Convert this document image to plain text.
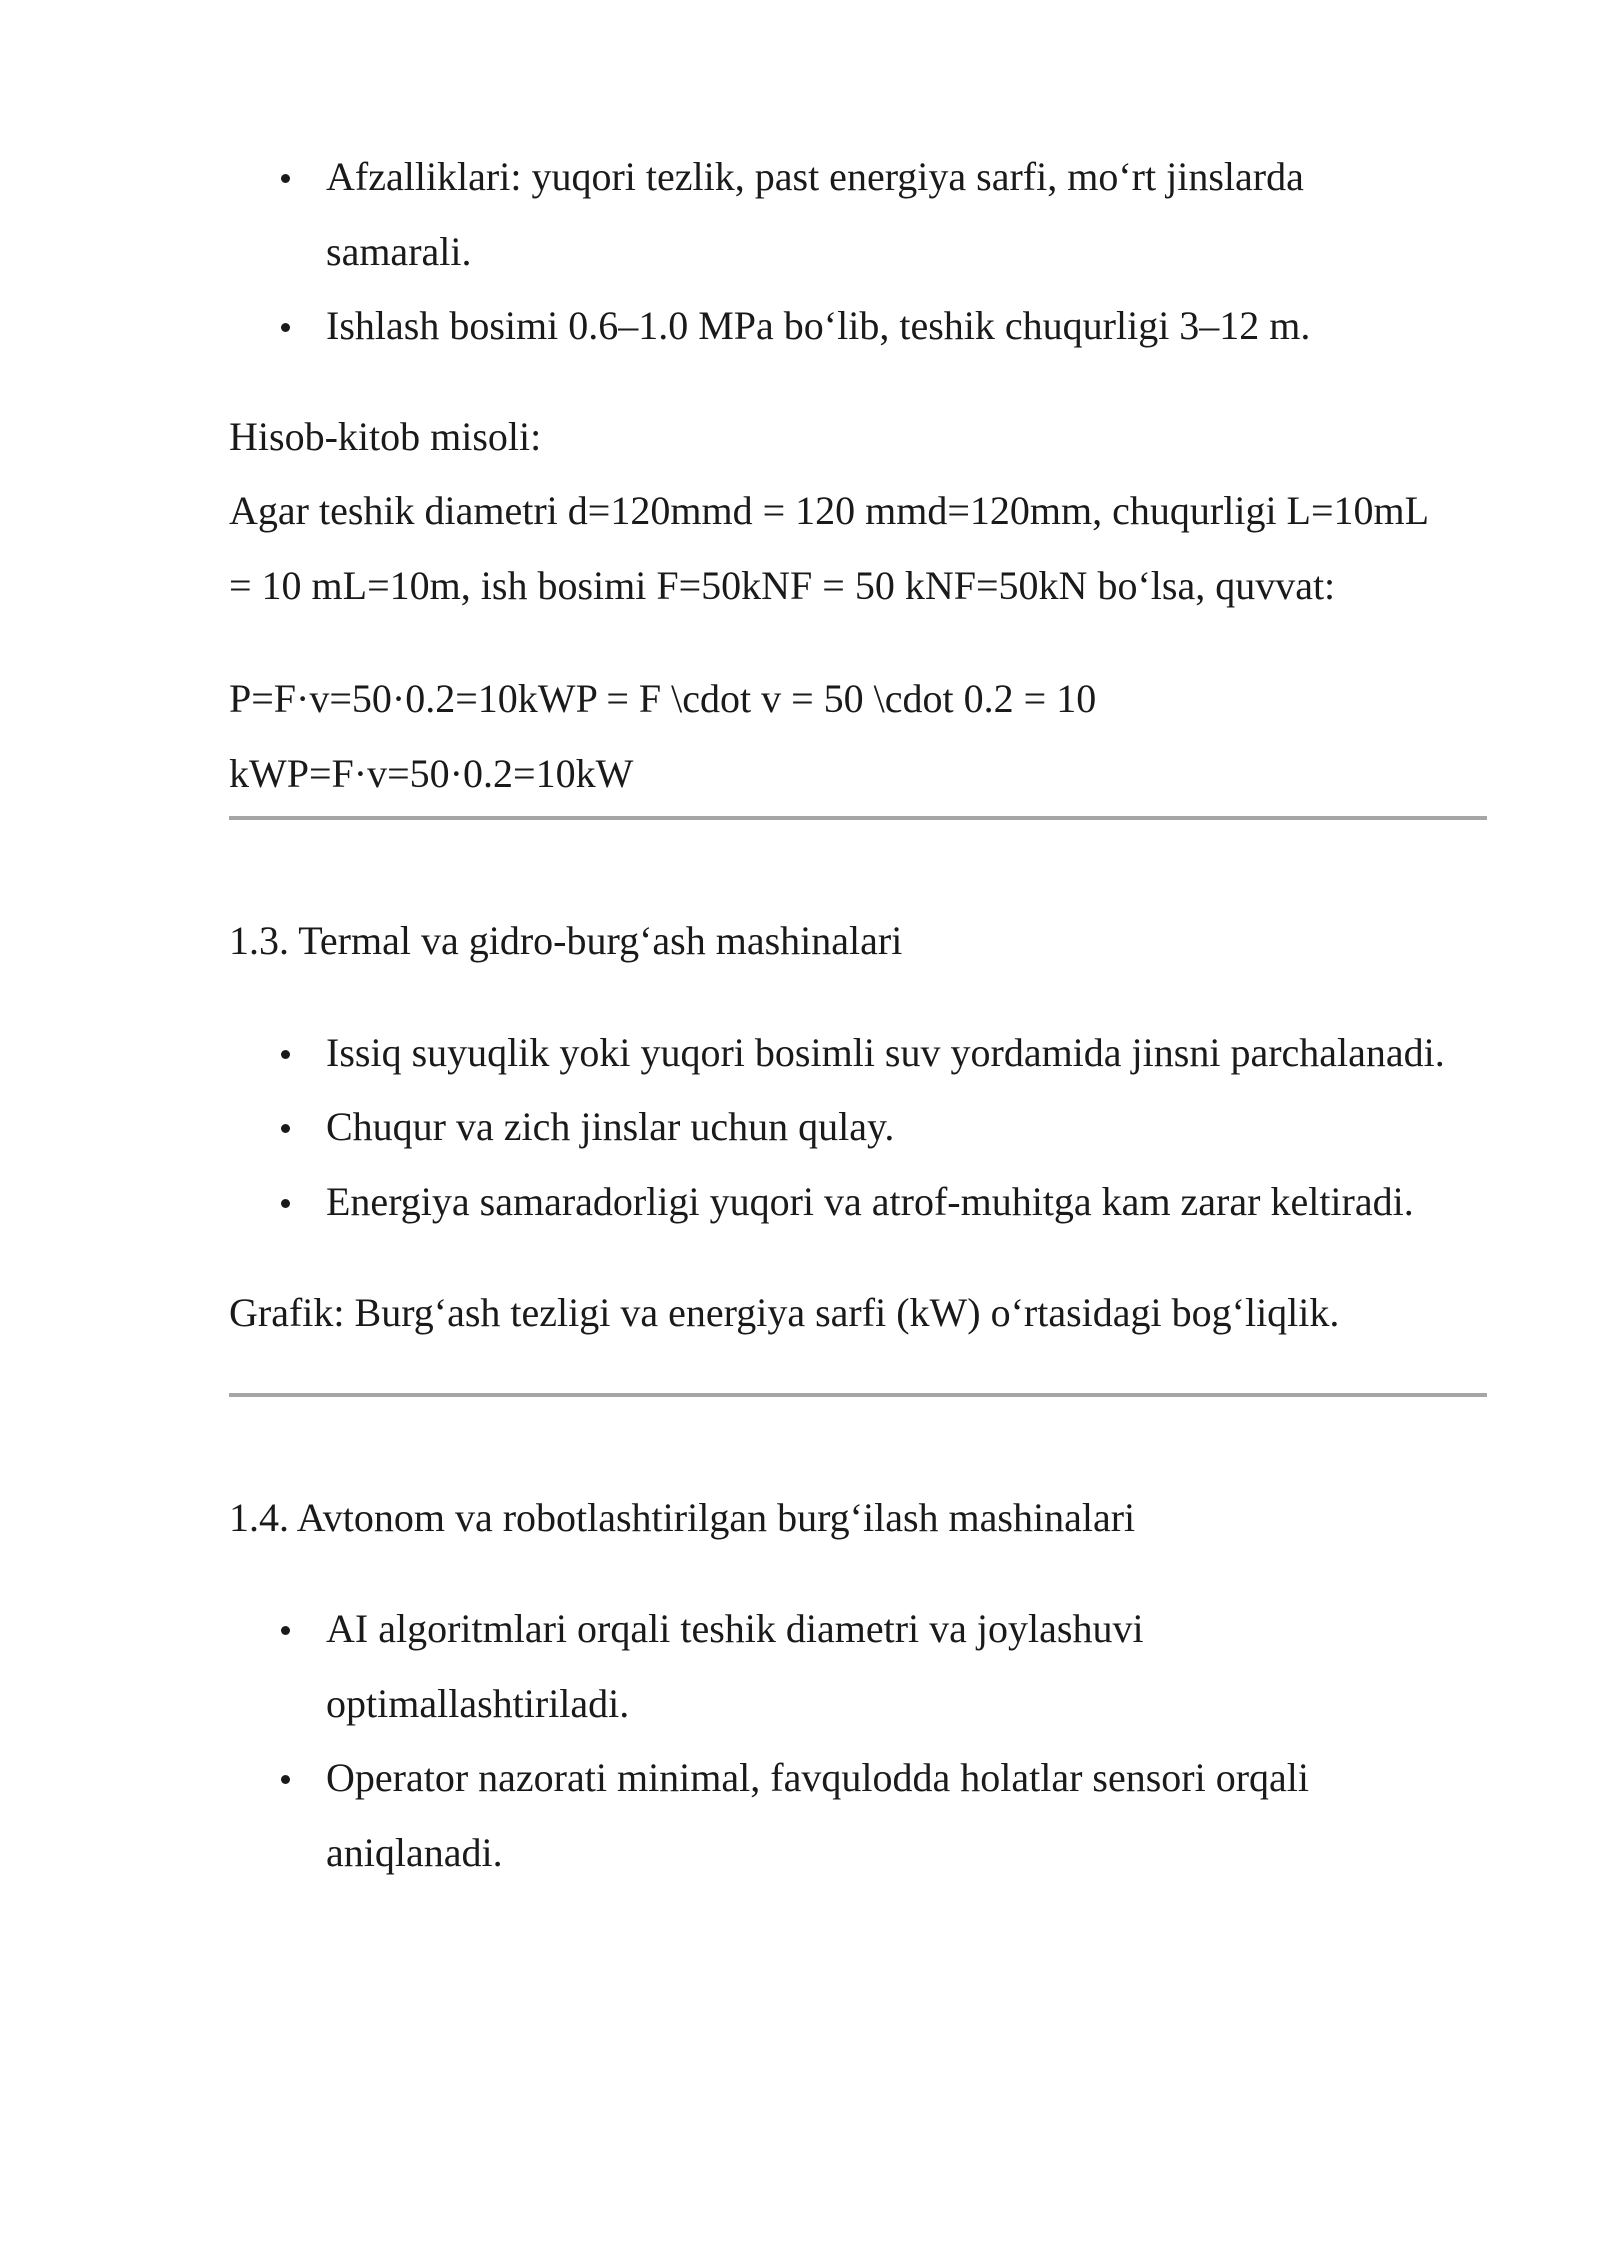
Afzalliklari: yuqori tezlik, past energiya sarfi, mo‘rt jinslarda samarali.
Ishlash bosimi 0.6–1.0 MPa bo‘lib, teshik chuqurligi 3–12 m.

Hisob-kitob misoli:

Agar teshik diametri d=120mmd = 120 mmd=120mm, chuqurligi L=10mL = 10 mL=10m, ish bosimi F=50kNF = 50 kNF=50kN bo‘lsa, quvvat:

P=F·v=50·0.2=10kWP = F \cdot v = 50 \cdot 0.2 = 10 kWP=F·v=50·0.2=10kW

1.3. Termal va gidro-burg‘ash mashinalari

Issiq suyuqlik yoki yuqori bosimli suv yordamida jinsni parchalanadi.
Chuqur va zich jinslar uchun qulay.
Energiya samaradorligi yuqori va atrof-muhitga kam zarar keltiradi.

Grafik: Burg‘ash tezligi va energiya sarfi (kW) o‘rtasidagi bog‘liqlik.

1.4. Avtonom va robotlashtirilgan burg‘ilash mashinalari

AI algoritmlari orqali teshik diametri va joylashuvi optimallashtiriladi.
Operator nazorati minimal, favqulodda holatlar sensori orqali aniqlanadi.
